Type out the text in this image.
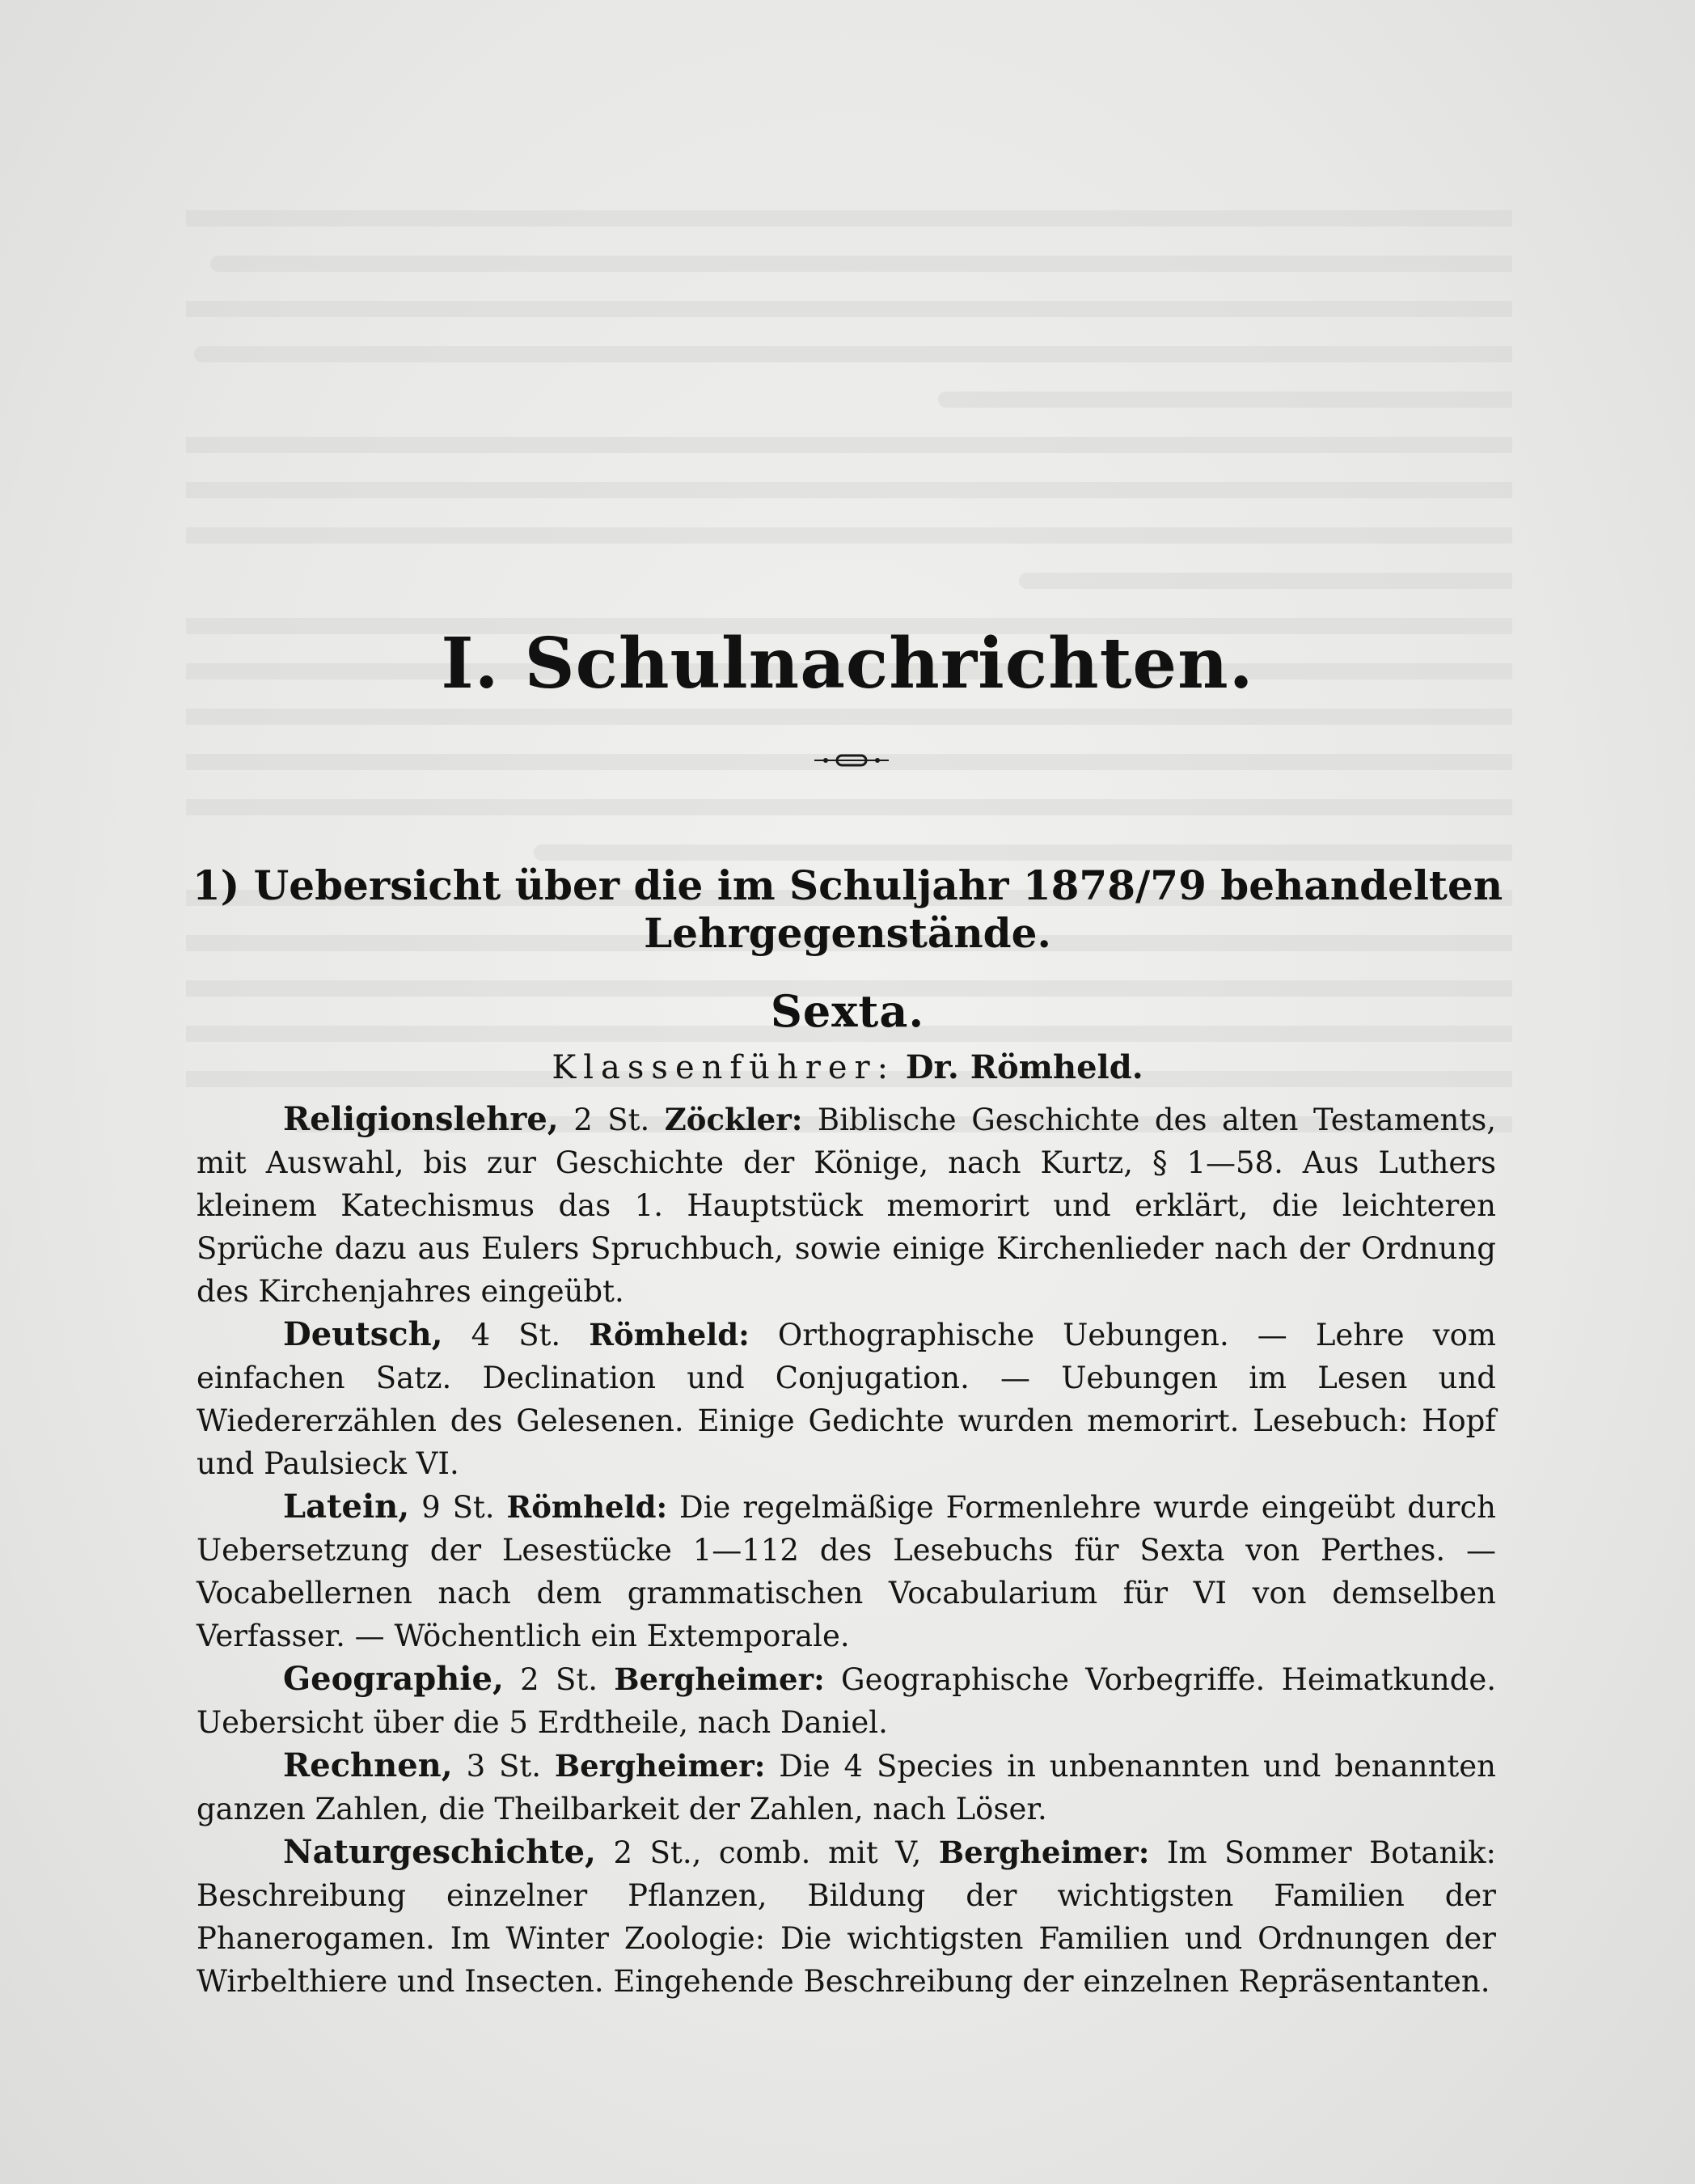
I. Schulnachrichten.
1) Uebersicht über die im Schuljahr 1878/79 behandelten Lehrgegenstände.
Sexta.
Klassenführer: Dr. Römheld.

Religionslehre, 2 St. Zöckler: Biblische Geschichte des alten Testaments, mit Auswahl, bis zur Geschichte der Könige, nach Kurtz, § 1—58. Aus Luthers kleinem Katechismus das 1. Hauptstück memorirt und erklärt, die leichteren Sprüche dazu aus Eulers Spruchbuch, sowie einige Kirchenlieder nach der Ordnung des Kirchenjahres eingeübt.

Deutsch, 4 St. Römheld: Orthographische Uebungen. — Lehre vom einfachen Satz. Declination und Conjugation. — Uebungen im Lesen und Wiedererzählen des Gelesenen. Einige Gedichte wurden memorirt. Lesebuch: Hopf und Paulsieck VI.

Latein, 9 St. Römheld: Die regelmäßige Formenlehre wurde eingeübt durch Uebersetzung der Lesestücke 1—112 des Lesebuchs für Sexta von Perthes. — Vocabellernen nach dem grammatischen Vocabularium für VI von demselben Verfasser. — Wöchentlich ein Extemporale.

Geographie, 2 St. Bergheimer: Geographische Vorbegriffe. Heimatkunde. Uebersicht über die 5 Erdtheile, nach Daniel.

Rechnen, 3 St. Bergheimer: Die 4 Species in unbenannten und benannten ganzen Zahlen, die Theilbarkeit der Zahlen, nach Löser.

Naturgeschichte, 2 St., comb. mit V, Bergheimer: Im Sommer Botanik: Beschreibung einzelner Pflanzen, Bildung der wichtigsten Familien der Phanerogamen. Im Winter Zoologie: Die wichtigsten Familien und Ordnungen der Wirbelthiere und Insecten. Eingehende Beschreibung der einzelnen Repräsentanten.
